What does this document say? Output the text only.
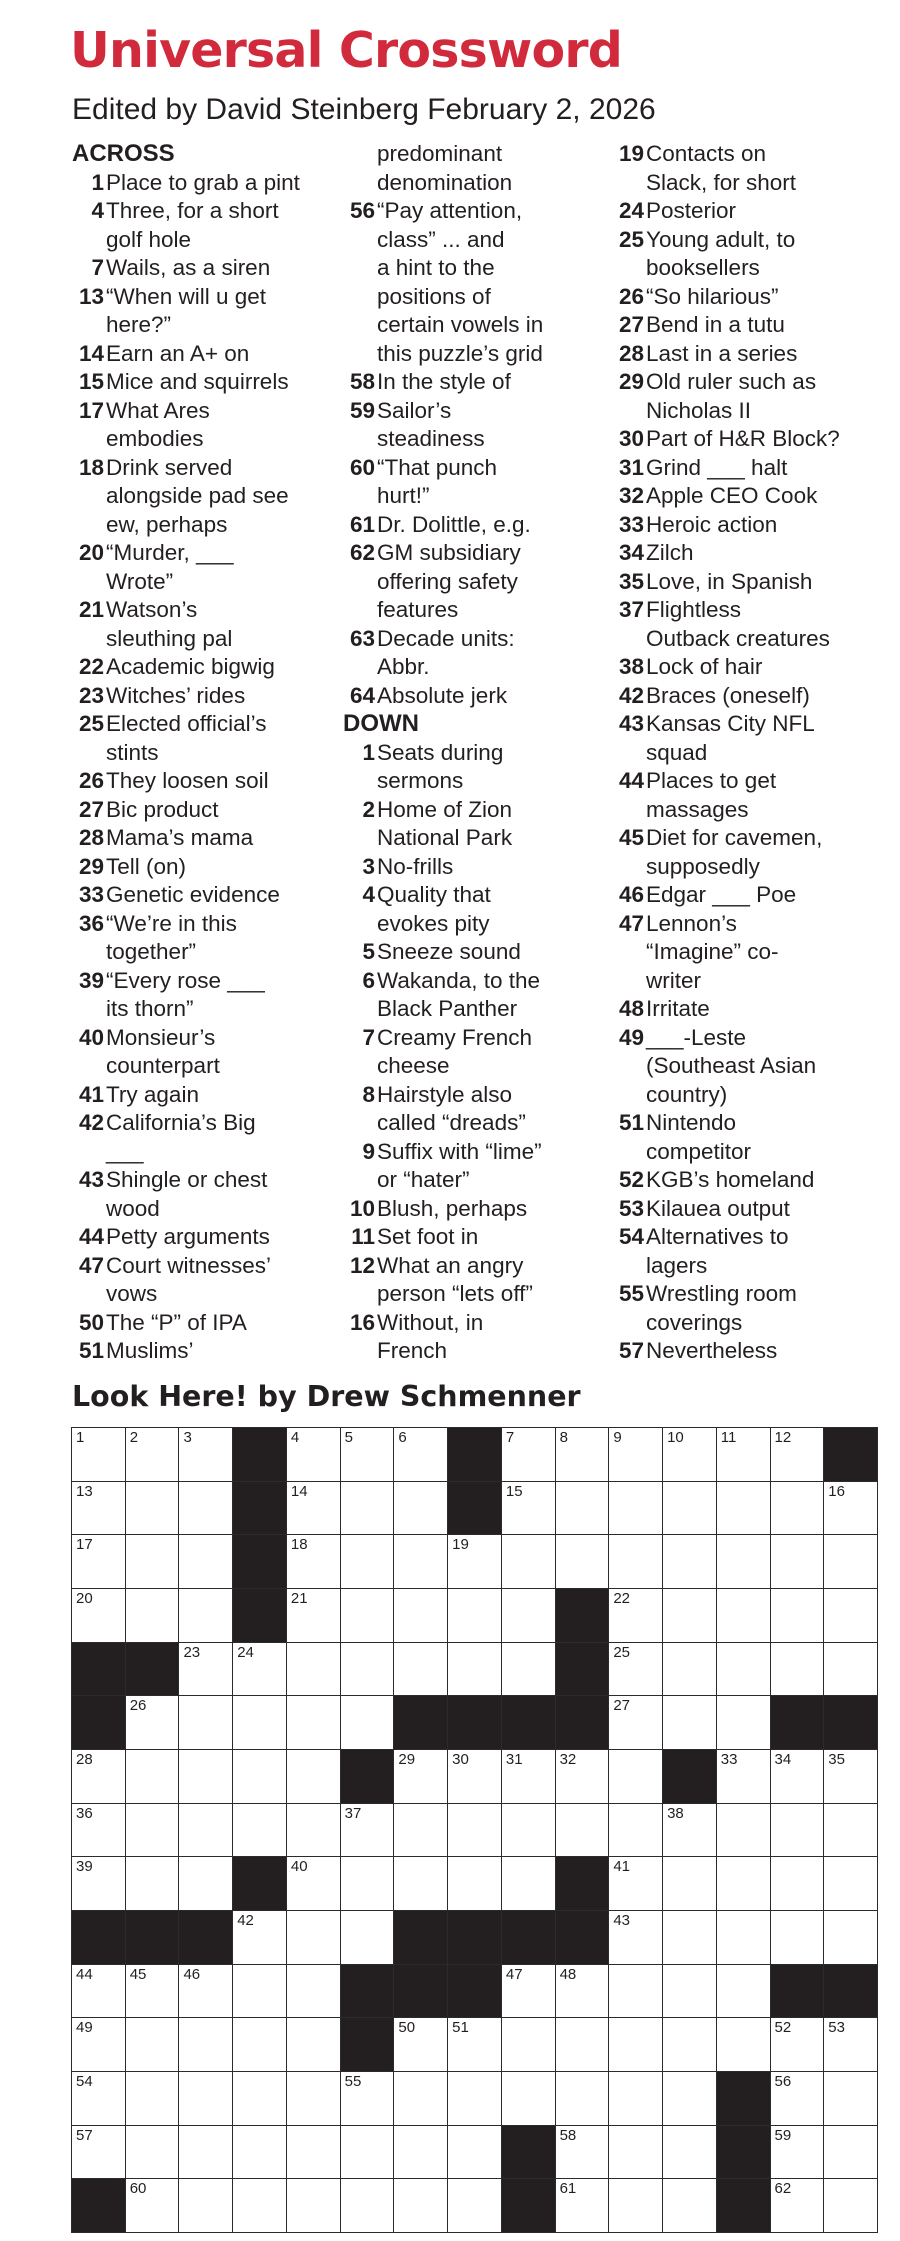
Universal Crossword
Edited by David Steinberg February 2, 2026
ACROSS
1 Place to grab a pint
4 Three, for a short
golf hole
7 Wails, as a siren
13 “When will u get
here?”
14 Earn an A+ on
15 Mice and squirrels
17 What Ares
embodies
18 Drink served
alongside pad see
ew, perhaps
20 “Murder, ___
Wrote”
21 Watson’s
sleuthing pal
22 Academic bigwig
23 Witches’ rides
25 Elected official’s
stints
26 They loosen soil
27 Bic product
28 Mama’s mama
29 Tell (on)
33 Genetic evidence
36 “We’re in this
together”
39 “Every rose ___
its thorn”
40 Monsieur’s
counterpart
41 Try again
42 California’s Big
___
43 Shingle or chest
wood
44 Petty arguments
47 Court witnesses’
vows
50 The “P” of IPA
51 Muslims’
predominant
denomination
56 “Pay attention,
class” ... and
a hint to the
positions of
certain vowels in
this puzzle’s grid
58 In the style of
59 Sailor’s
steadiness
60 “That punch
hurt!”
61 Dr. Dolittle, e.g.
62 GM subsidiary
offering safety
features
63 Decade units:
Abbr.
64 Absolute jerk
DOWN
1 Seats during
sermons
2 Home of Zion
National Park
3 No-frills
4 Quality that
evokes pity
5 Sneeze sound
6 Wakanda, to the
Black Panther
7 Creamy French
cheese
8 Hairstyle also
called “dreads”
9 Suffix with “lime”
or “hater”
10 Blush, perhaps
11 Set foot in
12 What an angry
person “lets off”
16 Without, in
French
19 Contacts on
Slack, for short
24 Posterior
25 Young adult, to
booksellers
26 “So hilarious”
27 Bend in a tutu
28 Last in a series
29 Old ruler such as
Nicholas II
30 Part of H&R Block?
31 Grind ___ halt
32 Apple CEO Cook
33 Heroic action
34 Zilch
35 Love, in Spanish
37 Flightless
Outback creatures
38 Lock of hair
42 Braces (oneself)
43 Kansas City NFL
squad
44 Places to get
massages
45 Diet for cavemen,
supposedly
46 Edgar ___ Poe
47 Lennon’s
“Imagine” co-
writer
48 Irritate
49 ___-Leste
(Southeast Asian
country)
51 Nintendo
competitor
52 KGB’s homeland
53 Kilauea output
54 Alternatives to
lagers
55 Wrestling room
coverings
57 Nevertheless
Look Here! by Drew Schmenner
1	2	3	4	5	6	7	8	9	10 11	12
13	14	15	16
17	18	19
20	21	22
23 24	25
26	27
28	29 30 31 32	33 34 35
36	37	38
39	40	41
42	43
44 45 46	47 48
49	50 51	52 53
54	55	56
57	58	59
60	61	62
